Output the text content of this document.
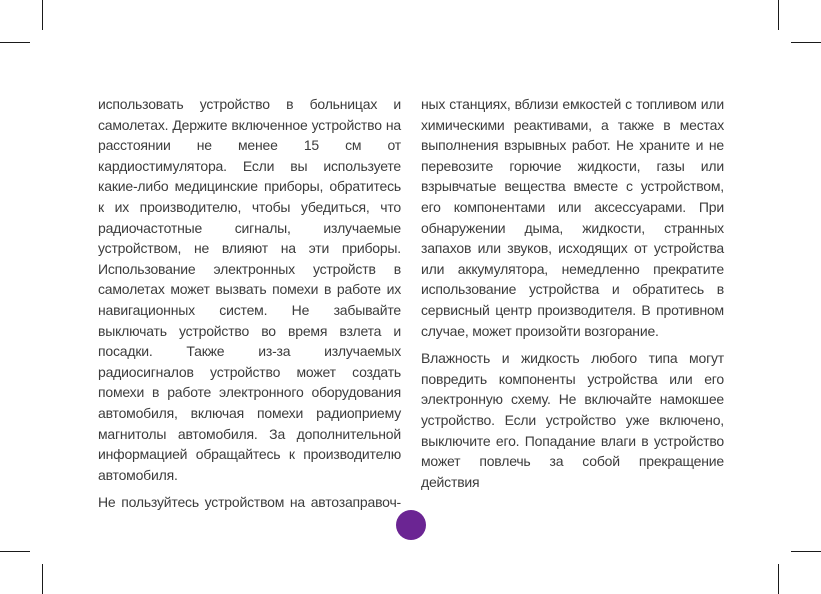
использовать устройство в больницах и самолетах. Держите включенное устройство на расстоянии не менее 15 см от кардиостимулятора. Если вы используете какие-либо медицинские приборы, обратитесь к их производителю, чтобы убедиться, что радиочастотные сигналы, излучаемые устройством, не влияют на эти приборы. Использование электронных устройств в самолетах может вызвать помехи в работе их навигационных систем. Не забывайте выключать устройство во время взлета и посадки. Также из-за излучаемых радиосигналов устройство может создать помехи в работе электронного оборудования автомобиля, включая помехи радиоприему магнитолы автомобиля. За дополнительной информацией обращайтесь к производителю автомобиля.

Не пользуйтесь устройством на автозаправоч-

ных станциях, вблизи емкостей с топливом или химическими реактивами, а также в местах выполнения взрывных работ. Не храните и не перевозите горючие жидкости, газы или взрывчатые вещества вместе с устройством, его компонентами или аксессуарами. При обнаружении дыма, жидкости, странных запахов или звуков, исходящих от устройства или аккумулятора, немедленно прекратите использование устройства и обратитесь в сервисный центр производителя. В противном случае, может произойти возгорание.

Влажность и жидкость любого типа могут повредить компоненты устройства или его электронную схему. Не включайте намокшее устройство. Если устройство уже включено, выключите его. Попадание влаги в устройство может повлечь за собой прекращение действия
